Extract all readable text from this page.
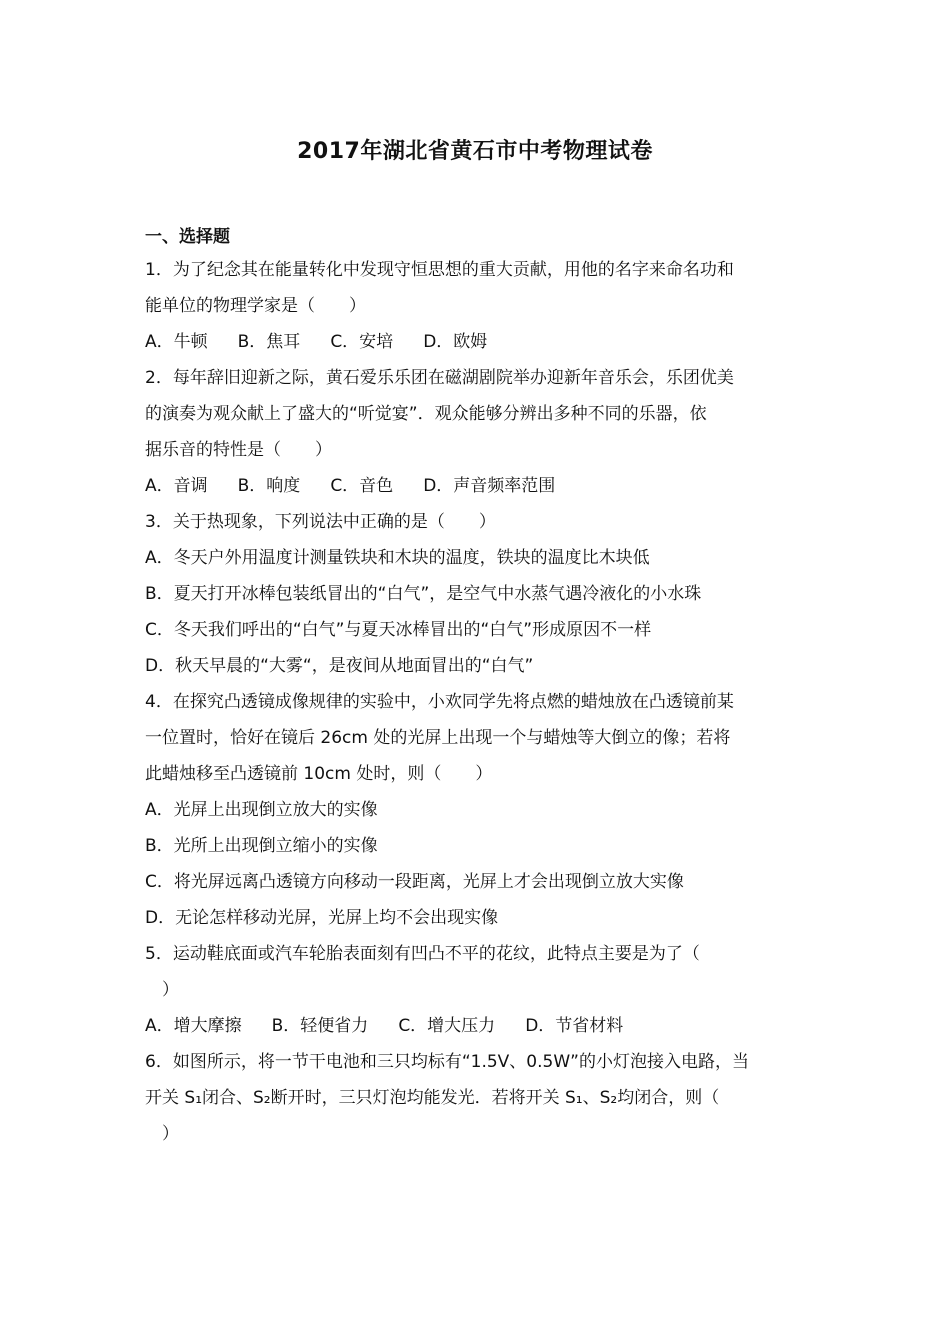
2017年湖北省黄石市中考物理试卷
一、选择题
1．为了纪念其在能量转化中发现守恒思想的重大贡献，用他的名字来命名功和
能单位的物理学家是（　　）
A．牛顿 B．焦耳 C．安培 D．欧姆
2．每年辞旧迎新之际，黄石爱乐乐团在磁湖剧院举办迎新年音乐会，乐团优美
的演奏为观众献上了盛大的“听觉宴”．观众能够分辨出多种不同的乐器，依
据乐音的特性是（　　）
A．音调 B．响度 C．音色 D．声音频率范围
3．关于热现象，下列说法中正确的是（　　）
A．冬天户外用温度计测量铁块和木块的温度，铁块的温度比木块低
B．夏天打开冰棒包装纸冒出的“白气”，是空气中水蒸气遇冷液化的小水珠
C．冬天我们呼出的“白气”与夏天冰棒冒出的“白气”形成原因不一样
D．秋天早晨的“大雾“，是夜间从地面冒出的“白气”
4．在探究凸透镜成像规律的实验中，小欢同学先将点燃的蜡烛放在凸透镜前某
一位置时，恰好在镜后 26cm 处的光屏上出现一个与蜡烛等大倒立的像；若将
此蜡烛移至凸透镜前 10cm 处时，则（　　）
A．光屏上出现倒立放大的实像
B．光所上出现倒立缩小的实像
C．将光屏远离凸透镜方向移动一段距离，光屏上才会出现倒立放大实像
D．无论怎样移动光屏，光屏上均不会出现实像
5．运动鞋底面或汽车轮胎表面刻有凹凸不平的花纹，此特点主要是为了（
　）
A．增大摩擦 B．轻便省力 C．增大压力 D．节省材料
6．如图所示，将一节干电池和三只均标有“1.5V、0.5W”的小灯泡接入电路，当
开关 S₁闭合、S₂断开时，三只灯泡均能发光．若将开关 S₁、S₂均闭合，则（
　）
